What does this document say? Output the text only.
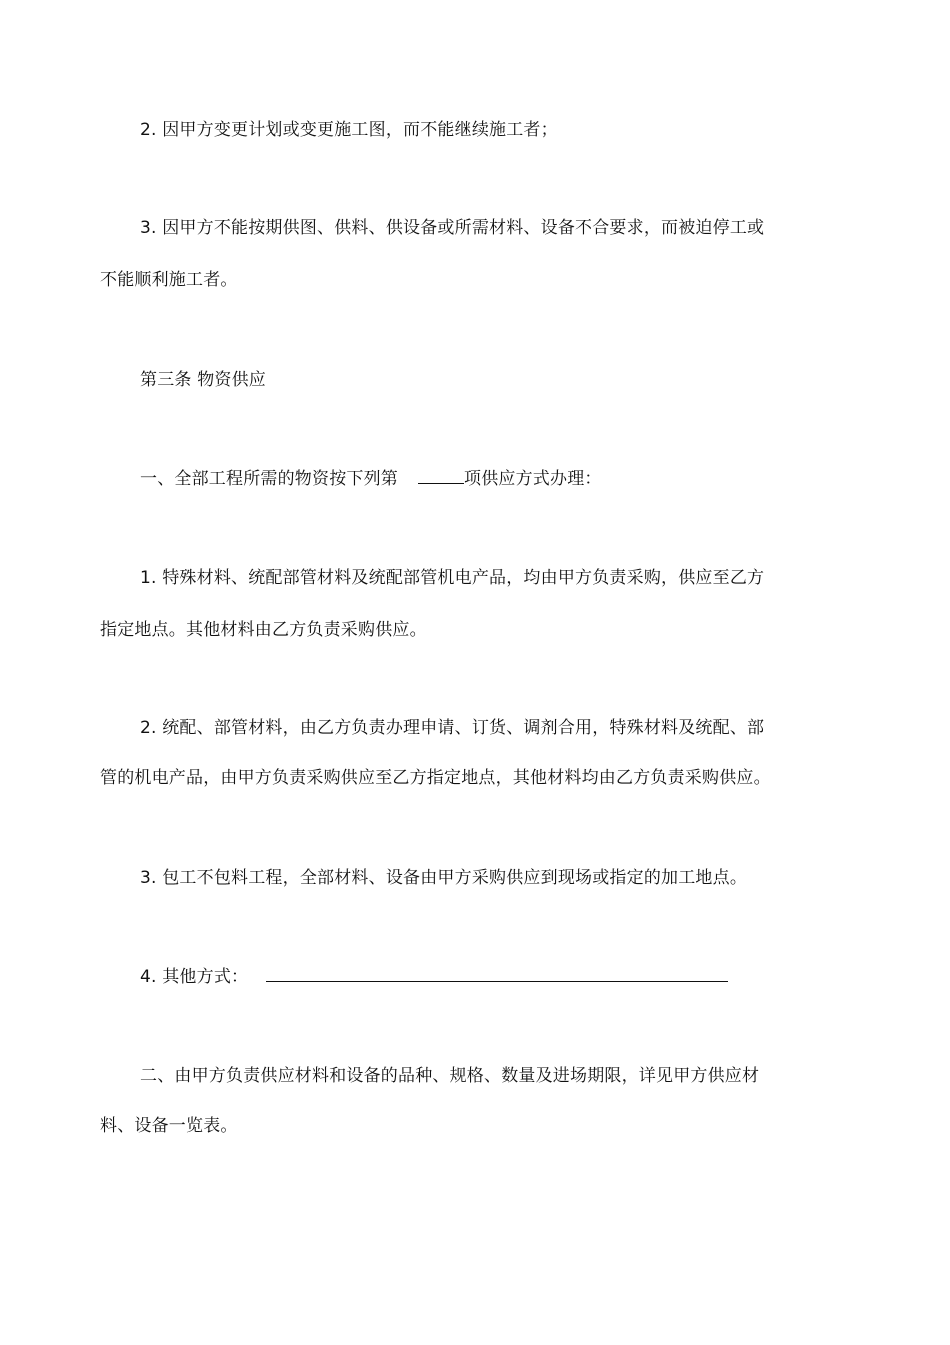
2. 因甲方变更计划或变更施工图，而不能继续施工者；
3. 因甲方不能按期供图、供料、供设备或所需材料、设备不合要求，而被迫停工或
不能顺利施工者。
第三条 物资供应
一、全部工程所需的物资按下列第	项供应方式办理：
1. 特殊材料、统配部管材料及统配部管机电产品，均由甲方负责采购，供应至乙方
指定地点。其他材料由乙方负责采购供应。
2. 统配、部管材料，由乙方负责办理申请、订货、调剂合用，特殊材料及统配、部
管的机电产品，由甲方负责采购供应至乙方指定地点，其他材料均由乙方负责采购供应。
3. 包工不包料工程，全部材料、设备由甲方采购供应到现场或指定的加工地点。
4. 其他方式：
二、由甲方负责供应材料和设备的品种、规格、数量及进场期限，详见甲方供应材
料、设备一览表。
